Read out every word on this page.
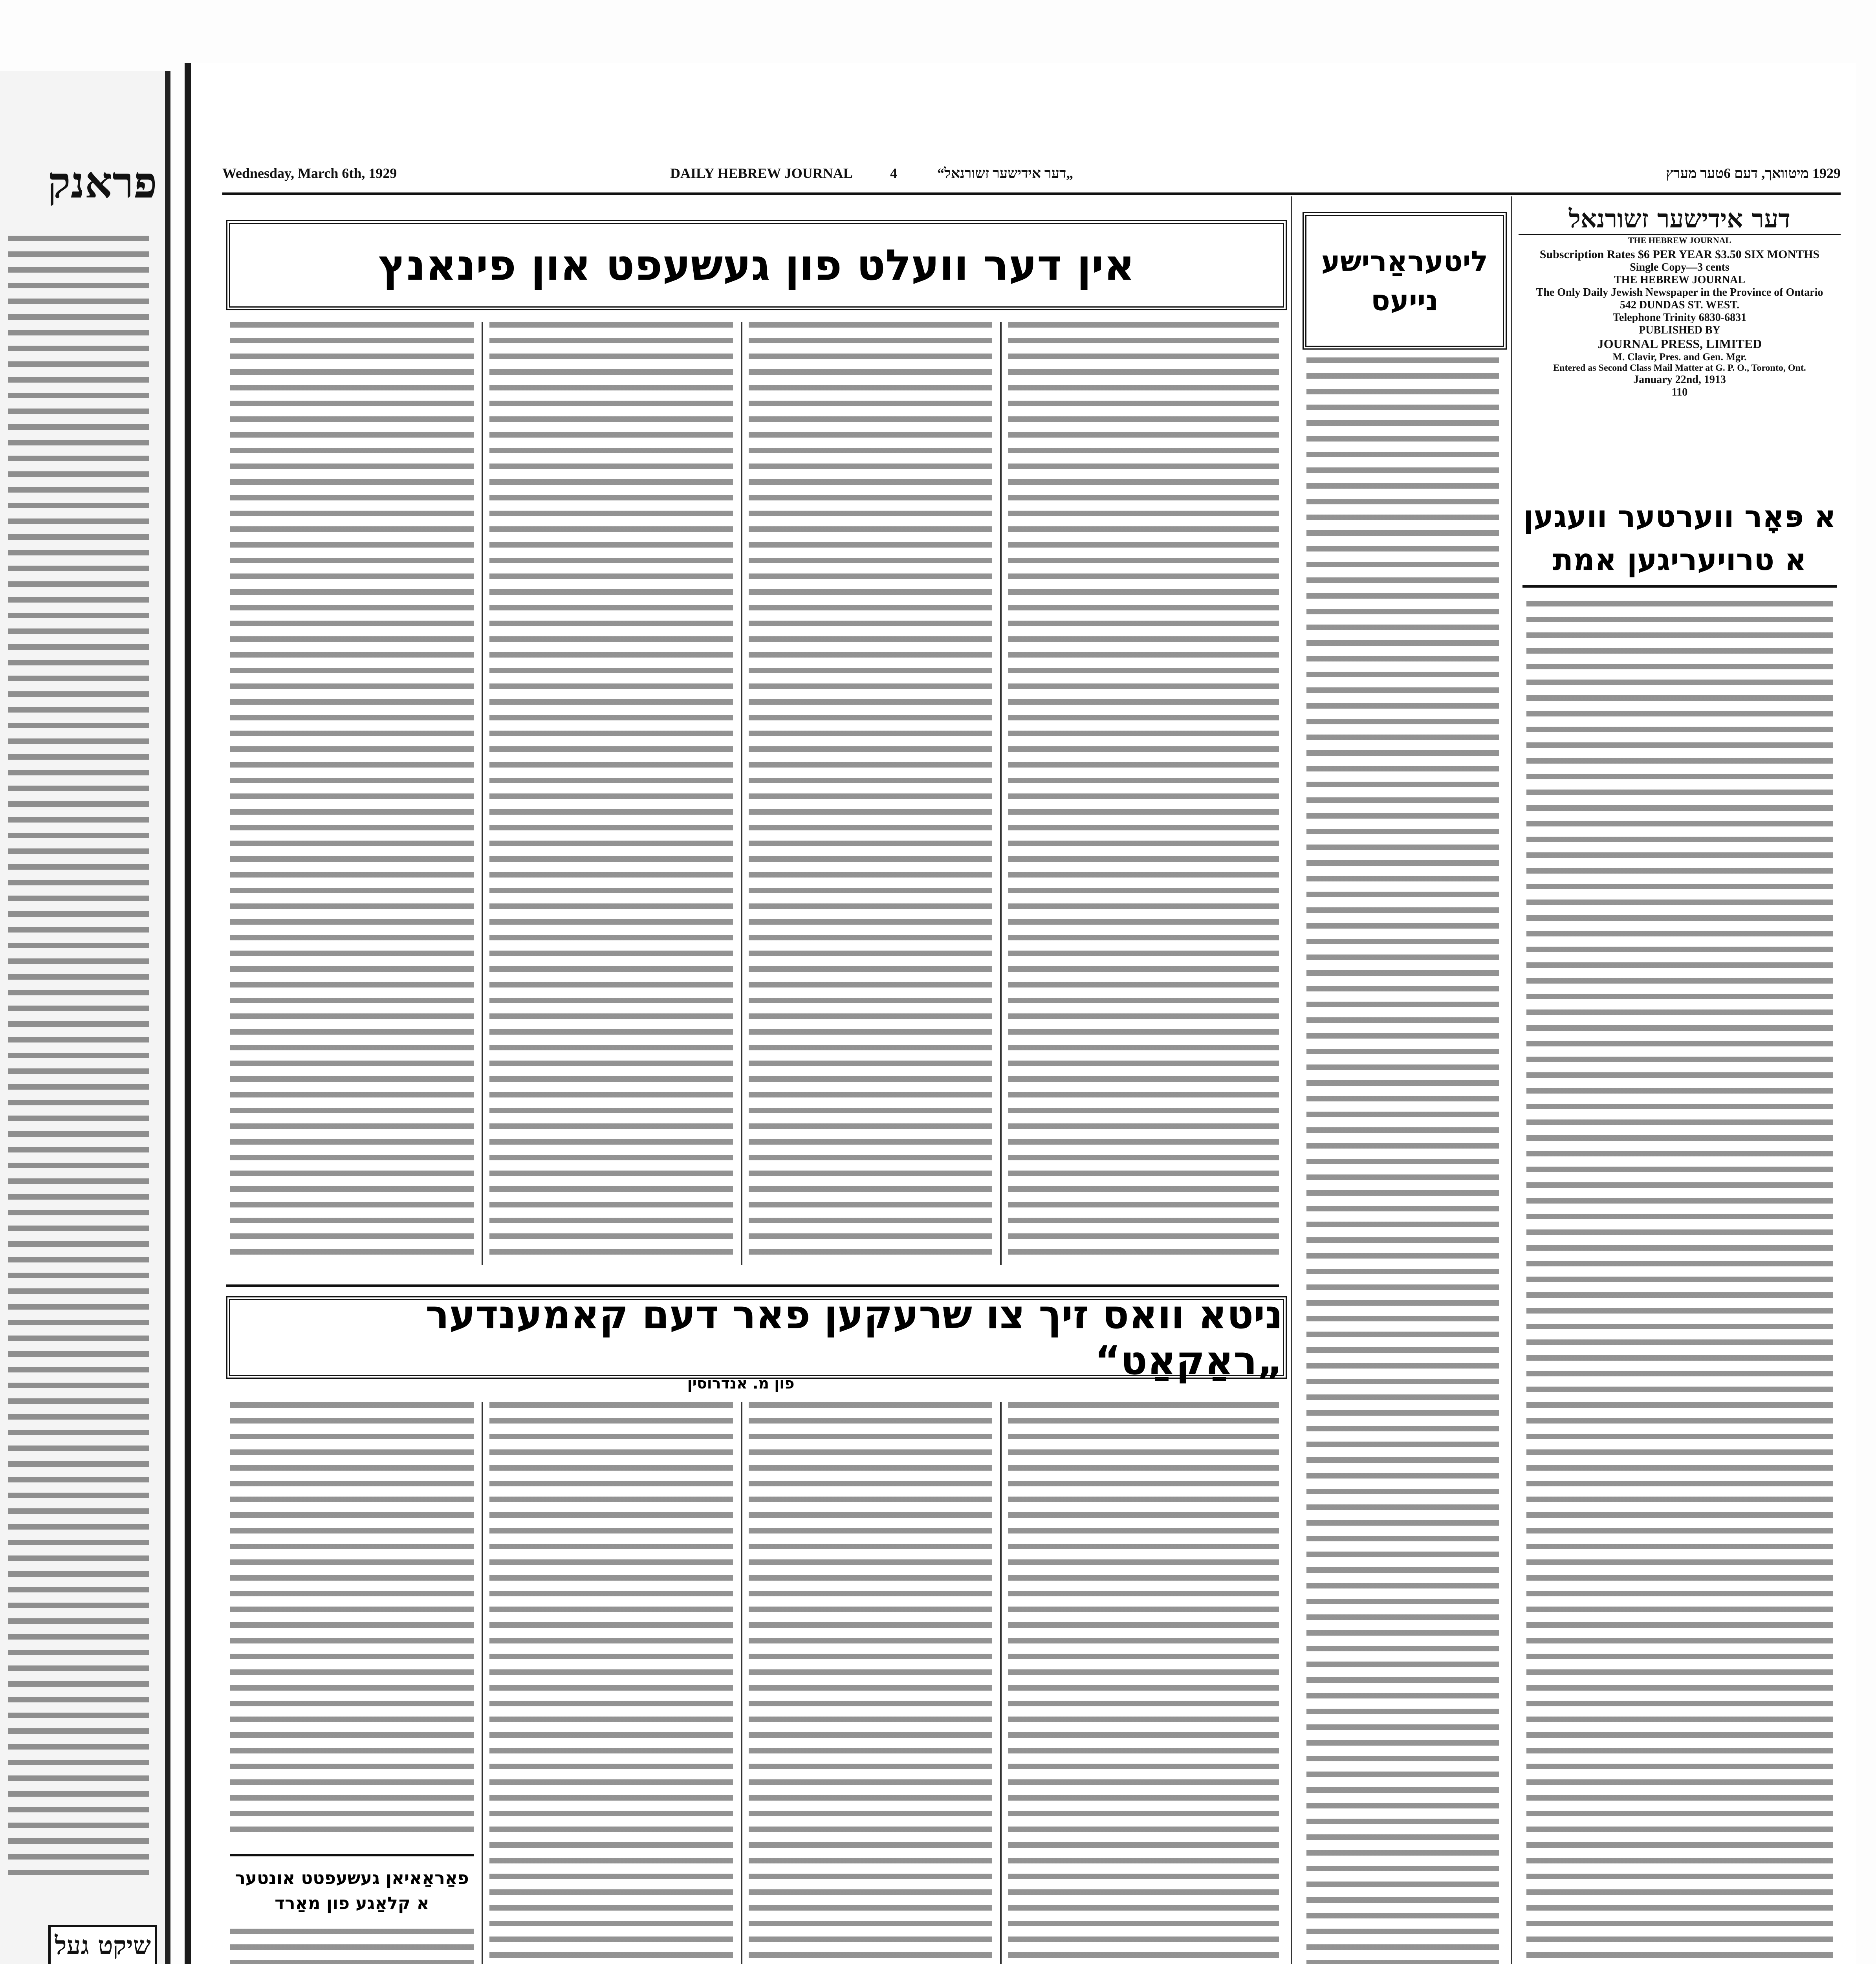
פראנק
שיקט געל
Wednesday, March 6th, 1929	DAILY HEBREW JOURNAL	4	„דער אידישער זשורנאל“	1929 מיטוואך, דעם 6טער מערץ
דער אידישער זשורנאל
THE HEBREW JOURNAL
Subscription Rates $6 PER YEAR $3.50 SIX MONTHS
Single Copy—3 cents
THE HEBREW JOURNAL
The Only Daily Jewish Newspaper in the Province of Ontario
542 DUNDAS ST. WEST.
Telephone Trinity 6830-6831
PUBLISHED BY
JOURNAL PRESS, LIMITED
M. Clavir, Pres. and Gen. Mgr.
Entered as Second Class Mail Matter at G. P. O., Toronto, Ont.
January 22nd, 1913
110
א פּאָר ווערטער וועגען א טרויעריגען אמת
ליטעראַרישע נייעס
אין דער וועלט פון געשעפט און פינאנץ
ניטא וואס זיך צו שרעקען פאר דעם קאמענדער „ראַקאַט“
פון מ. אנדרוסין
פאַראַאיאן געשעפטט אונטער א קלאַגע פון מאַרד
